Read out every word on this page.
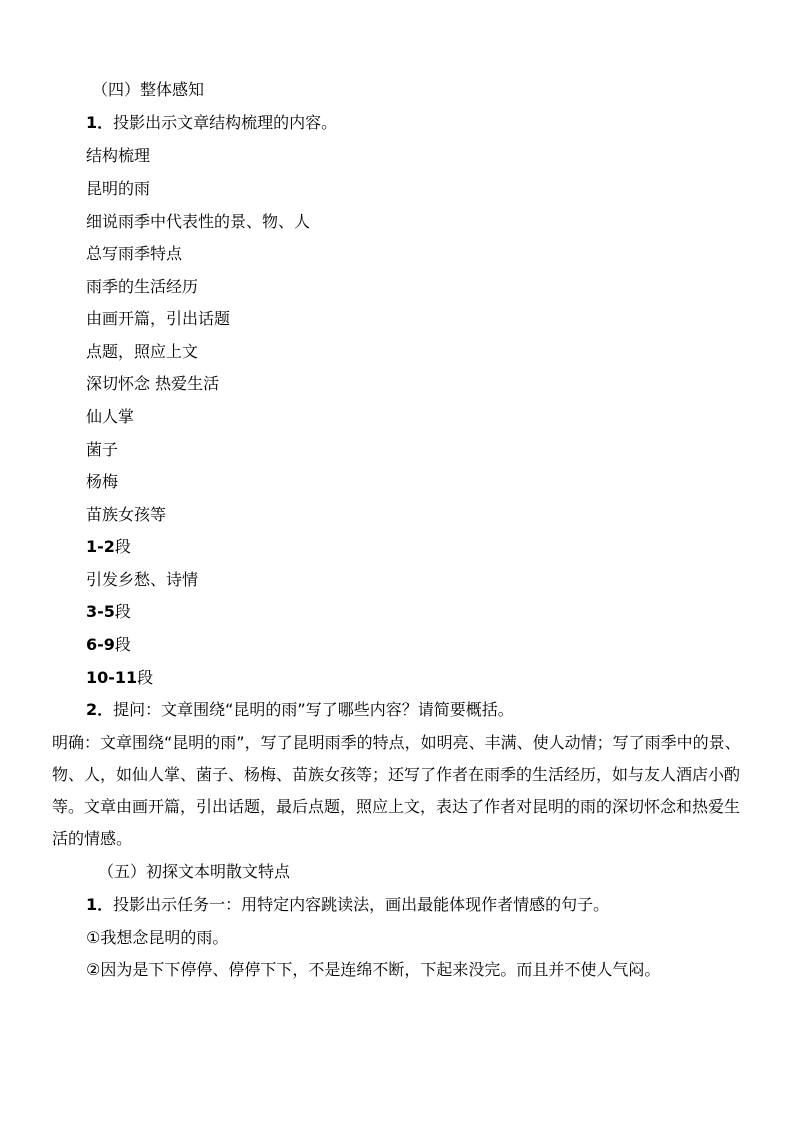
（四）整体感知
1．投影出示文章结构梳理的内容。
结构梳理
昆明的雨
细说雨季中代表性的景、物、人
总写雨季特点
雨季的生活经历
由画开篇，引出话题
点题，照应上文
深切怀念 热爱生活
仙人掌
菌子
杨梅
苗族女孩等
1-2段
引发乡愁、诗情
3-5段
6-9段
10-11段
2．提问：文章围绕“昆明的雨”写了哪些内容？请简要概括。
明确：文章围绕“昆明的雨”，写了昆明雨季的特点，如明亮、丰满、使人动情；写了雨季中的景、物、人，如仙人掌、菌子、杨梅、苗族女孩等；还写了作者在雨季的生活经历，如与友人酒店小酌等。文章由画开篇，引出话题，最后点题，照应上文，表达了作者对昆明的雨的深切怀念和热爱生活的情感。
（五）初探文本明散文特点
1．投影出示任务一：用特定内容跳读法，画出最能体现作者情感的句子。
①我想念昆明的雨。
②因为是下下停停、停停下下，不是连绵不断，下起来没完。而且并不使人气闷。
